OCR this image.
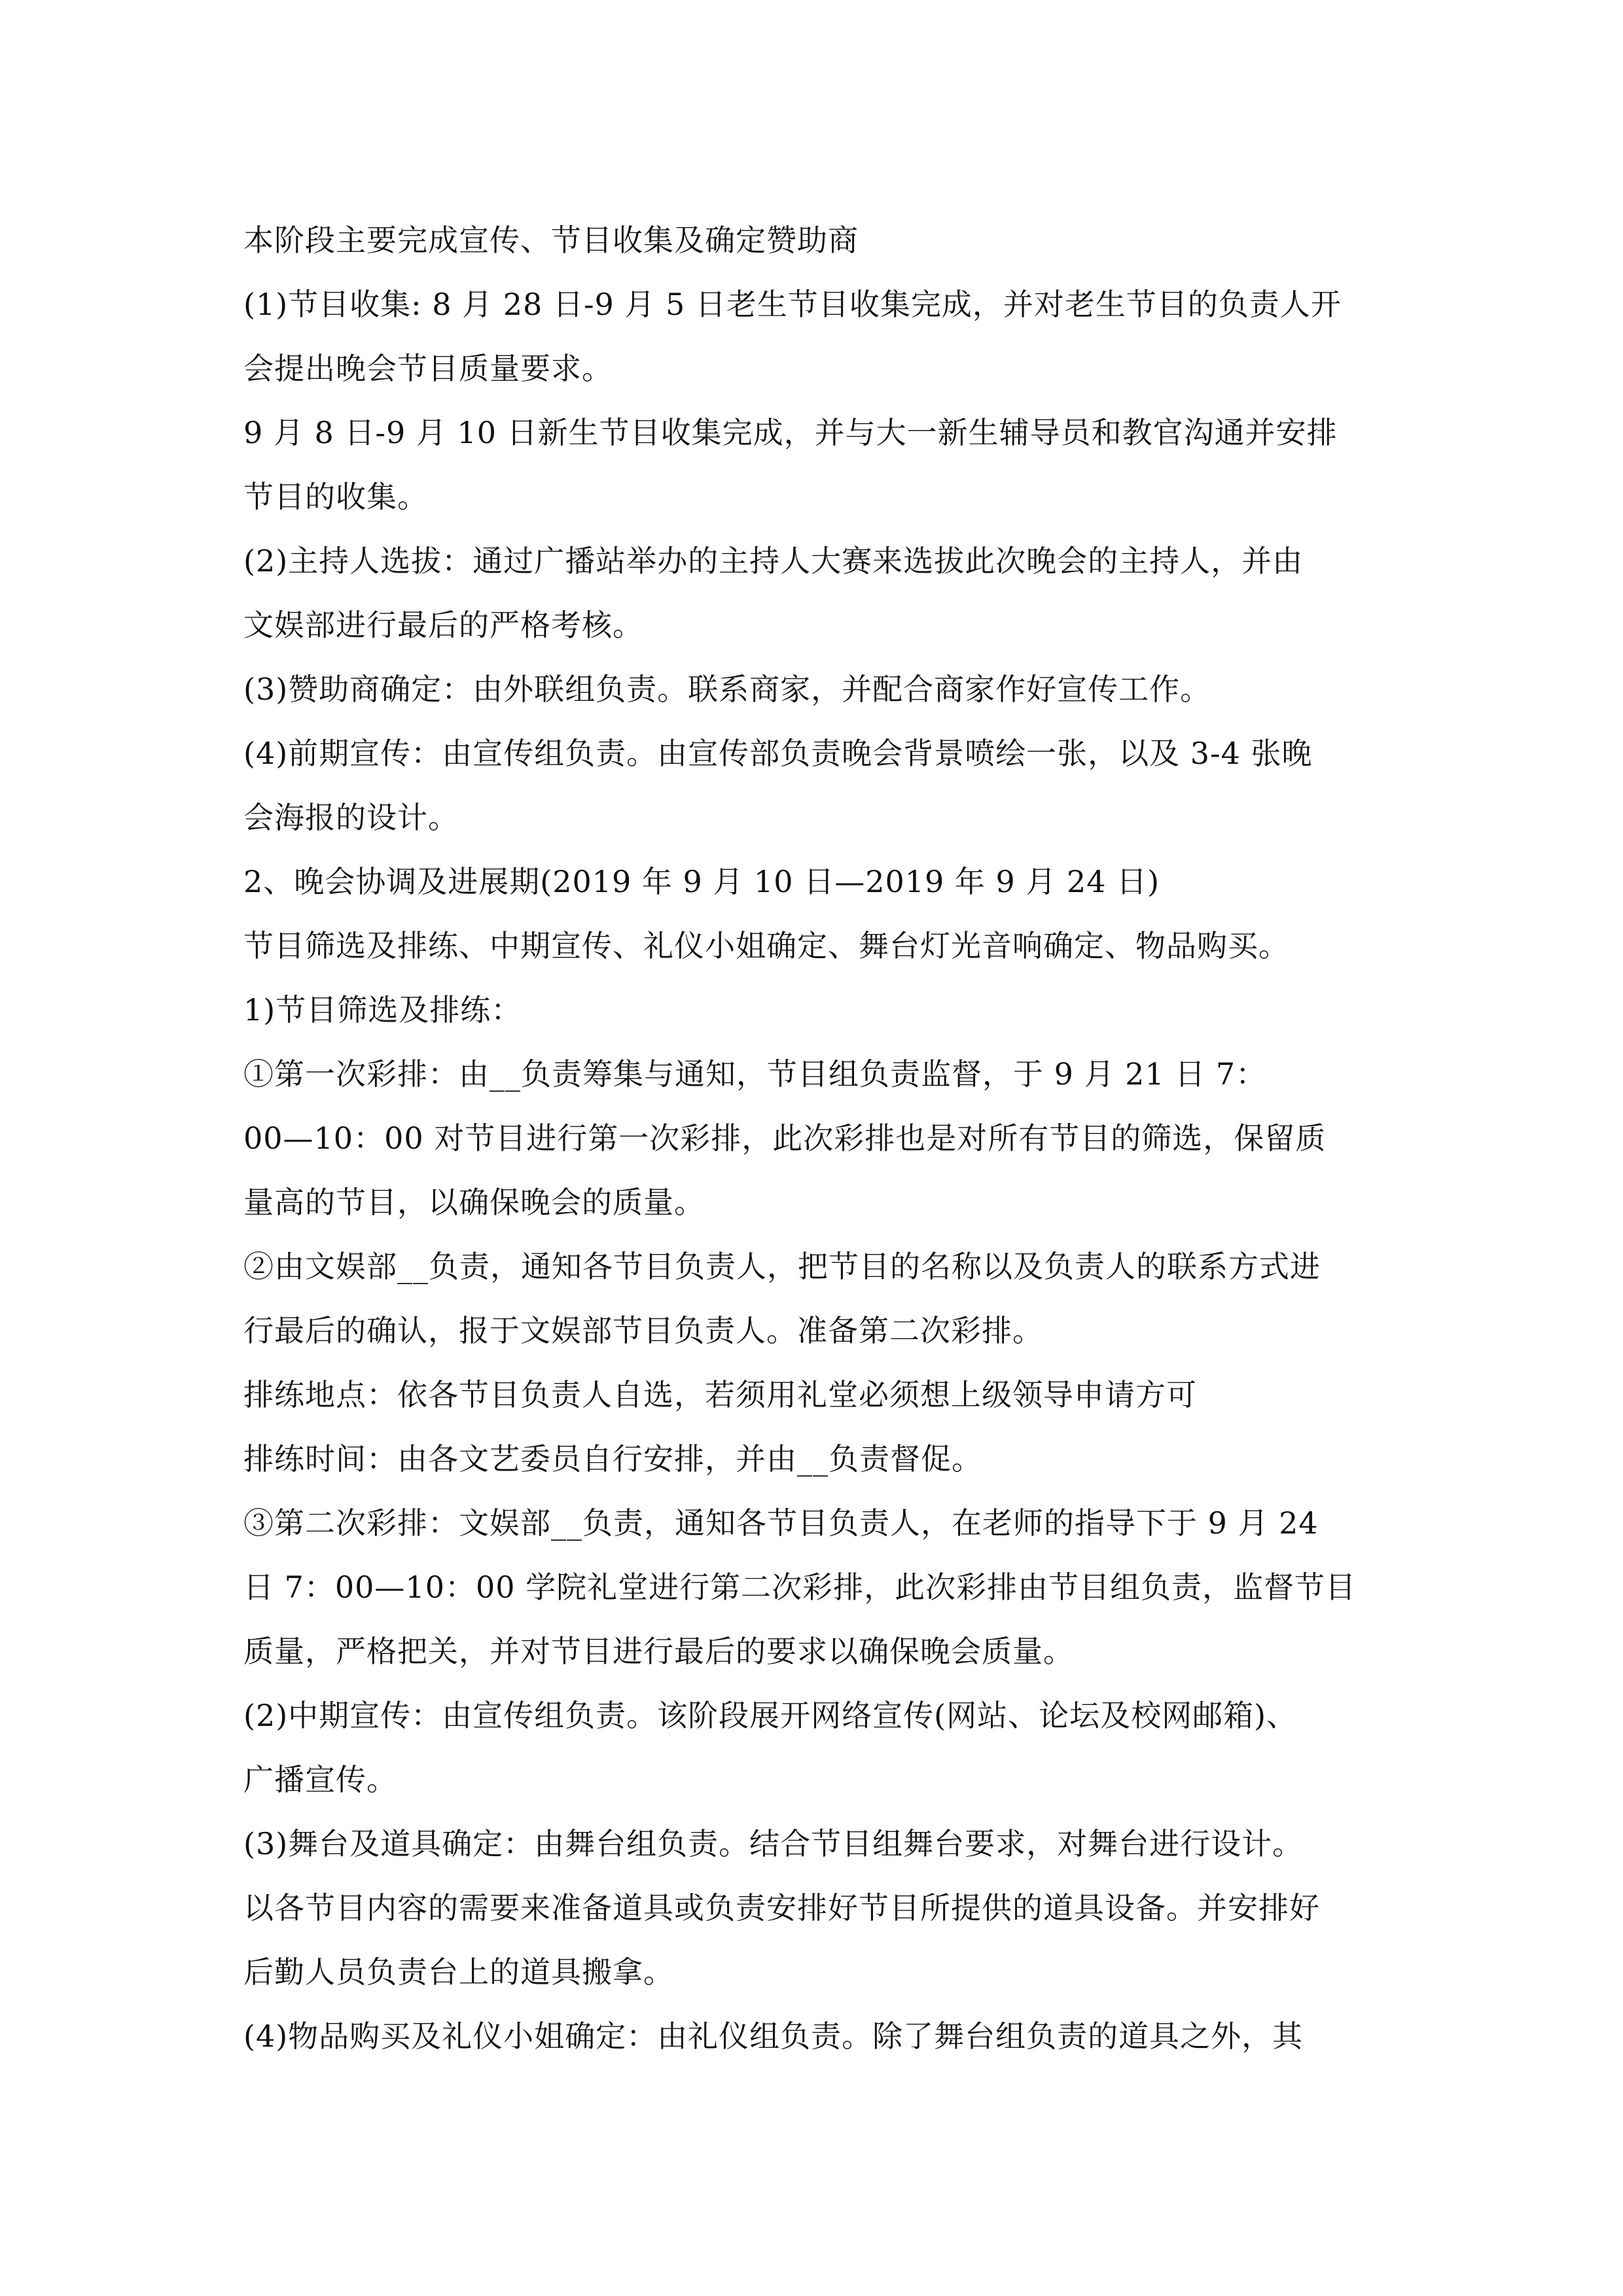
本阶段主要完成宣传、节目收集及确定赞助商
(1)节目收集: 8 月 28 日-9 月 5 日老生节目收集完成，并对老生节目的负责人开
会提出晚会节目质量要求。
9 月 8 日-9 月 10 日新生节目收集完成，并与大一新生辅导员和教官沟通并安排
节目的收集。
(2)主持人选拔：通过广播站举办的主持人大赛来选拔此次晚会的主持人，并由
文娱部进行最后的严格考核。
(3)赞助商确定：由外联组负责。联系商家，并配合商家作好宣传工作。
(4)前期宣传：由宣传组负责。由宣传部负责晚会背景喷绘一张，以及 3-4 张晚
会海报的设计。
2、晚会协调及进展期(2019 年 9 月 10 日—2019 年 9 月 24 日)
节目筛选及排练、中期宣传、礼仪小姐确定、舞台灯光音响确定、物品购买。
1)节目筛选及排练：
①第一次彩排：由__负责筹集与通知，节目组负责监督，于 9 月 21 日 7：
00—10：00 对节目进行第一次彩排，此次彩排也是对所有节目的筛选，保留质
量高的节目，以确保晚会的质量。
②由文娱部__负责，通知各节目负责人，把节目的名称以及负责人的联系方式进
行最后的确认，报于文娱部节目负责人。准备第二次彩排。
排练地点：依各节目负责人自选，若须用礼堂必须想上级领导申请方可
排练时间：由各文艺委员自行安排，并由__负责督促。
③第二次彩排：文娱部__负责，通知各节目负责人，在老师的指导下于 9 月 24
日 7：00—10：00 学院礼堂进行第二次彩排，此次彩排由节目组负责，监督节目
质量，严格把关，并对节目进行最后的要求以确保晚会质量。
(2)中期宣传：由宣传组负责。该阶段展开网络宣传(网站、论坛及校网邮箱)、
广播宣传。
(3)舞台及道具确定：由舞台组负责。结合节目组舞台要求，对舞台进行设计。
以各节目内容的需要来准备道具或负责安排好节目所提供的道具设备。并安排好
后勤人员负责台上的道具搬拿。
(4)物品购买及礼仪小姐确定：由礼仪组负责。除了舞台组负责的道具之外，其
